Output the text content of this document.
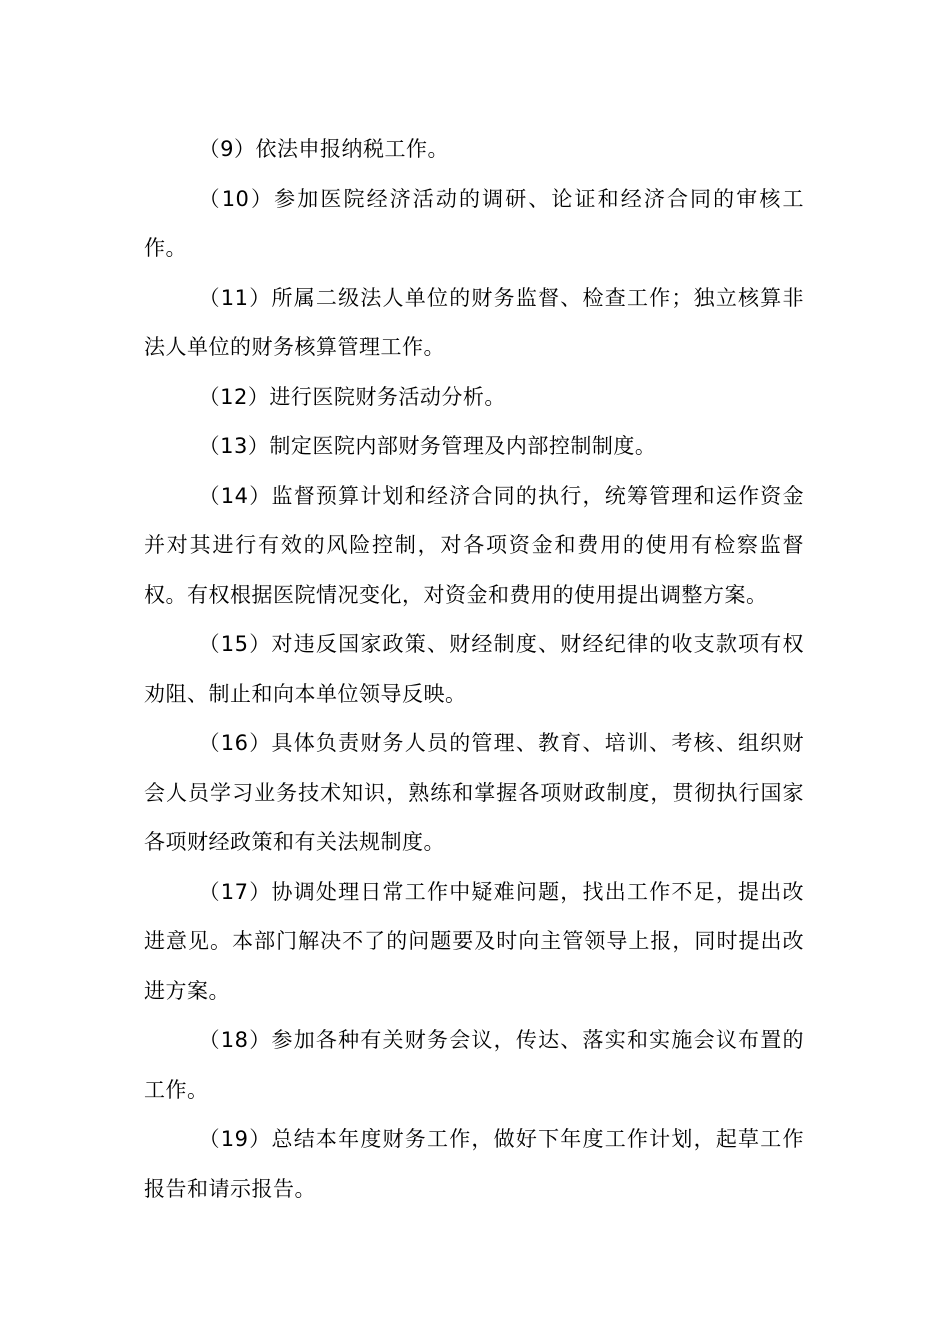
（9）依法申报纳税工作。

（10）参加医院经济活动的调研、论证和经济合同的审核工作。

（11）所属二级法人单位的财务监督、检查工作；独立核算非法人单位的财务核算管理工作。

（12）进行医院财务活动分析。

（13）制定医院内部财务管理及内部控制制度。

（14）监督预算计划和经济合同的执行，统筹管理和运作资金并对其进行有效的风险控制，对各项资金和费用的使用有检察监督权。有权根据医院情况变化，对资金和费用的使用提出调整方案。

（15）对违反国家政策、财经制度、财经纪律的收支款项有权劝阻、制止和向本单位领导反映。

（16）具体负责财务人员的管理、教育、培训、考核、组织财会人员学习业务技术知识，熟练和掌握各项财政制度，贯彻执行国家各项财经政策和有关法规制度。

（17）协调处理日常工作中疑难问题，找出工作不足，提出改进意见。本部门解决不了的问题要及时向主管领导上报，同时提出改进方案。

（18）参加各种有关财务会议，传达、落实和实施会议布置的工作。

（19）总结本年度财务工作，做好下年度工作计划，起草工作报告和请示报告。
